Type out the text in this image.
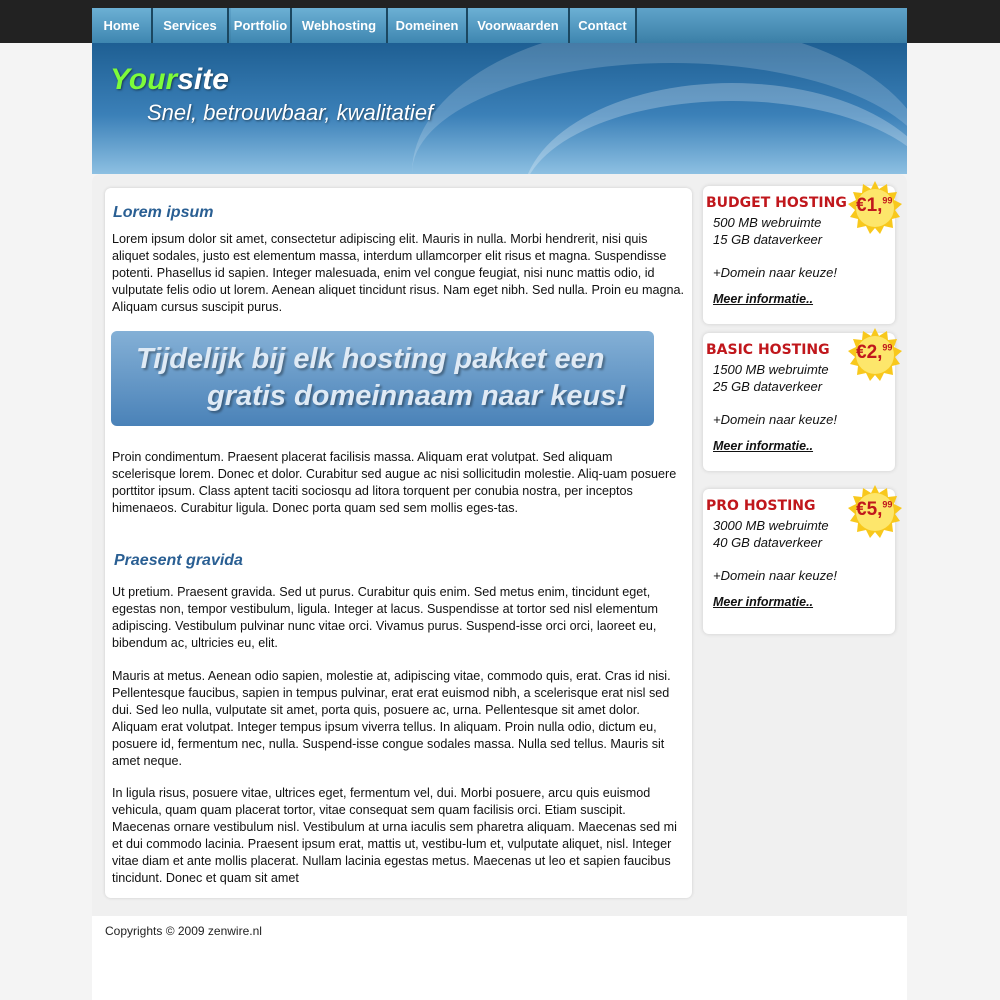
Home	Services	Portfolio	Webhosting	Domeinen	Voorwaarden	Contact
Yoursite
Snel, betrouwbaar, kwalitatief
Lorem ipsum

Lorem ipsum dolor sit amet, consectetur adipiscing elit. Mauris in nulla. Morbi hendrerit, nisi quis aliquet sodales, justo est elementum massa, interdum ullamcorper elit risus et magna. Suspendisse potenti. Phasellus id sapien. Integer malesuada, enim vel congue feugiat, nisi nunc mattis odio, id vulputate felis odio ut lorem. Aenean aliquet tincidunt risus. Nam eget nibh. Sed nulla. Proin eu magna. Aliquam cursus suscipit purus.

Tijdelijk bij elk hosting pakket een
gratis domeinnaam naar keus!

Proin condimentum. Praesent placerat facilisis massa. Aliquam erat volutpat. Sed aliquam scelerisque lorem. Donec et dolor. Curabitur sed augue ac nisi sollicitudin molestie. Aliq-uam posuere porttitor ipsum. Class aptent taciti sociosqu ad litora torquent per conubia nostra, per inceptos himenaeos. Curabitur ligula. Donec porta quam sed sem mollis eges-tas.

Praesent gravida

Ut pretium. Praesent gravida. Sed ut purus. Curabitur quis enim. Sed metus enim, tincidunt eget, egestas non, tempor vestibulum, ligula. Integer at lacus. Suspendisse at tortor sed nisl elementum adipiscing. Vestibulum pulvinar nunc vitae orci. Vivamus purus. Suspend-isse orci orci, laoreet eu, bibendum ac, ultricies eu, elit.

Mauris at metus. Aenean odio sapien, molestie at, adipiscing vitae, commodo quis, erat. Cras id nisi. Pellentesque faucibus, sapien in tempus pulvinar, erat erat euismod nibh, a scelerisque erat nisl sed dui. Sed leo nulla, vulputate sit amet, porta quis, posuere ac, urna. Pellentesque sit amet dolor. Aliquam erat volutpat. Integer tempus ipsum viverra tellus. In aliquam. Proin nulla odio, dictum eu, posuere id, fermentum nec, nulla. Suspend-isse congue sodales massa. Nulla sed tellus. Mauris sit amet neque.

In ligula risus, posuere vitae, ultrices eget, fermentum vel, dui. Morbi posuere, arcu quis euismod vehicula, quam quam placerat tortor, vitae consequat sem quam facilisis orci. Etiam suscipit. Maecenas ornare vestibulum nisl. Vestibulum at urna iaculis sem pharetra aliquam. Maecenas sed mi et dui commodo lacinia. Praesent ipsum erat, mattis ut, vestibu-lum et, vulputate aliquet, nisl. Integer vitae diam et ante mollis placerat. Nullam lacinia egestas metus. Maecenas ut leo et sapien faucibus tincidunt. Donec et quam sit amet

BUDGET HOSTING
500 MB webruimte
15 GB dataverkeer
+Domein naar keuze!
Meer informatie..
€1,99
BASIC HOSTING
1500 MB webruimte
25 GB dataverkeer
+Domein naar keuze!
Meer informatie..
€2,99
PRO HOSTING
3000 MB webruimte
40 GB dataverkeer
+Domein naar keuze!
Meer informatie..
€5,99
Copyrights © 2009 zenwire.nl
